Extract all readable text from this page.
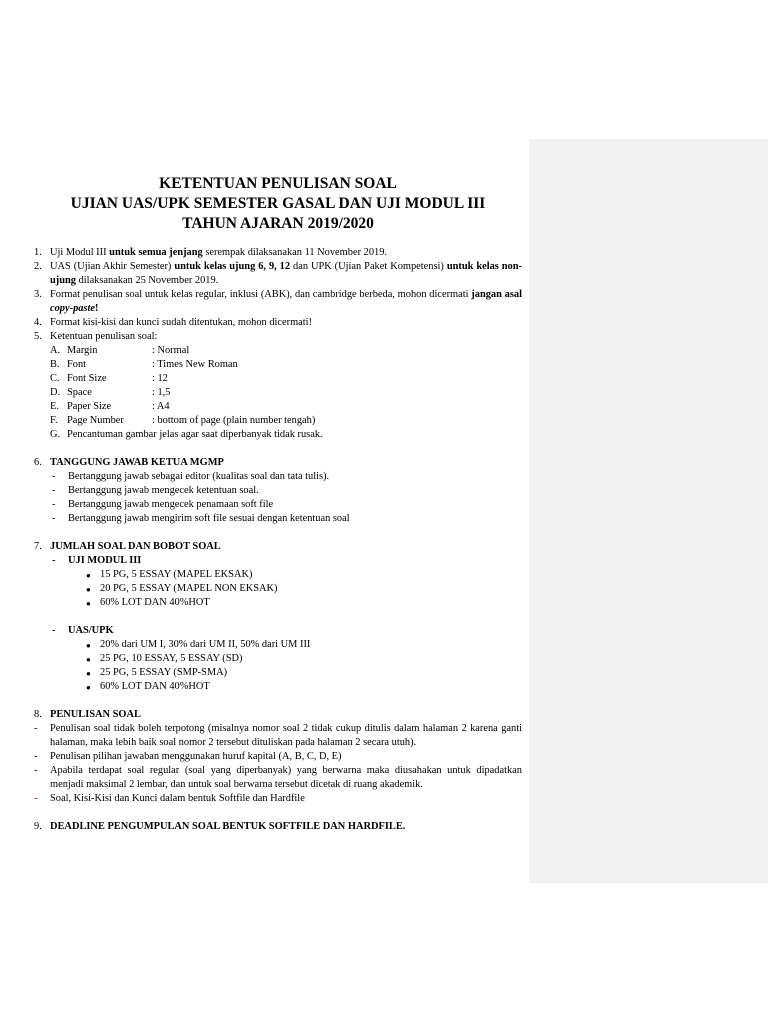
KETENTUAN PENULISAN SOAL
UJIAN UAS/UPK SEMESTER GASAL DAN UJI MODUL III
TAHUN AJARAN 2019/2020
1. Uji Modul III untuk semua jenjang serempak dilaksanakan 11 November 2019.
2. UAS (Ujian Akhir Semester) untuk kelas ujung 6, 9, 12 dan UPK (Ujian Paket Kompetensi) untuk kelas non-ujung dilaksanakan 25 November 2019.
3. Format penulisan soal untuk kelas regular, inklusi (ABK), dan cambridge berbeda, mohon dicermati jangan asal copy-paste!
4. Format kisi-kisi dan kunci sudah ditentukan, mohon dicermati!
5. Ketentuan penulisan soal:
A. Margin	: Normal
B. Font	: Times New Roman
C. Font Size	: 12
D. Space	: 1,5
E. Paper Size	: A4
F. Page Number	: bottom of page (plain number tengah)
G. Pencantuman gambar jelas agar saat diperbanyak tidak rusak.
6. TANGGUNG JAWAB KETUA MGMP
- Bertanggung jawab sebagai editor (kualitas soal dan tata tulis).
- Bertanggung jawab mengecek ketentuan soal.
- Bertanggung jawab mengecek penamaan soft file
- Bertanggung jawab mengirim soft file sesuai dengan ketentuan soal
7. JUMLAH SOAL DAN BOBOT SOAL
- UJI MODUL III
● 15 PG, 5 ESSAY (MAPEL EKSAK)
● 20 PG, 5 ESSAY (MAPEL NON EKSAK)
● 60% LOT DAN 40%HOT
- UAS/UPK
● 20% dari UM I, 30% dari UM II, 50% dari UM III
● 25 PG, 10 ESSAY, 5 ESSAY (SD)
● 25 PG, 5 ESSAY (SMP-SMA)
● 60% LOT DAN 40%HOT
8. PENULISAN SOAL
- Penulisan soal tidak boleh terpotong (misalnya nomor soal 2 tidak cukup ditulis dalam halaman 2 karena ganti halaman, maka lebih baik soal nomor 2 tersebut dituliskan pada halaman 2 secara utuh).
- Penulisan pilihan jawaban menggunakan huruf kapital (A, B, C, D, E)
- Apabila terdapat soal regular (soal yang diperbanyak) yang berwarna maka diusahakan untuk dipadatkan menjadi maksimal 2 lembar, dan untuk soal berwarna tersebut dicetak di ruang akademik.
- Soal, Kisi-Kisi dan Kunci dalam bentuk Softfile dan Hardfile
9. DEADLINE PENGUMPULAN SOAL BENTUK SOFTFILE DAN HARDFILE.
